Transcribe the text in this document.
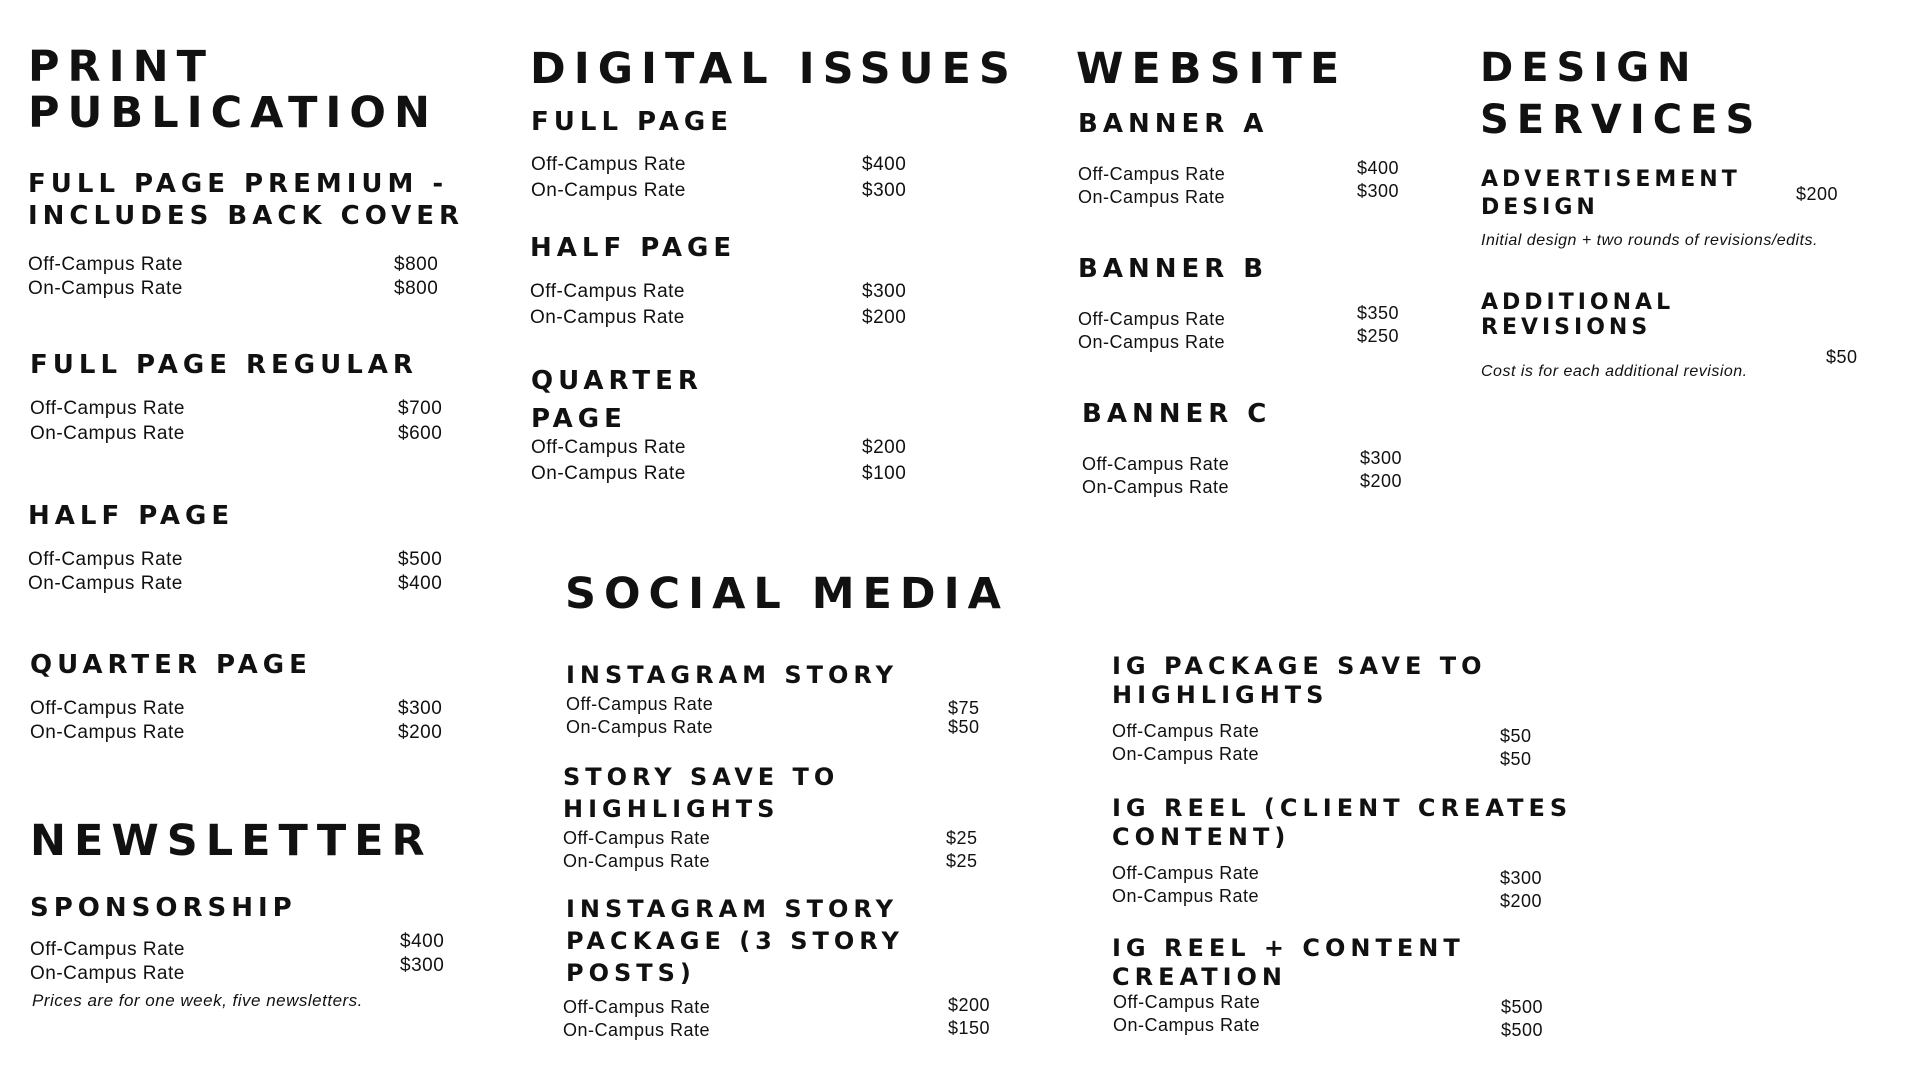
PRINT PUBLICATION
FULL PAGE PREMIUM - INCLUDES BACK COVER
Off-Campus Rate	$800
On-Campus Rate	$800
FULL PAGE REGULAR
Off-Campus Rate	$700
On-Campus Rate	$600
HALF PAGE
Off-Campus Rate	$500
On-Campus Rate	$400
QUARTER PAGE
Off-Campus Rate	$300
On-Campus Rate	$200
NEWSLETTER
SPONSORSHIP
Off-Campus Rate	$400
On-Campus Rate	$300
Prices are for one week, five newsletters.
DIGITAL ISSUES
FULL PAGE
Off-Campus Rate	$400
On-Campus Rate	$300
HALF PAGE
Off-Campus Rate	$300
On-Campus Rate	$200
QUARTER PAGE
Off-Campus Rate	$200
On-Campus Rate	$100
WEBSITE
BANNER A
Off-Campus Rate	$400
On-Campus Rate	$300
BANNER B
Off-Campus Rate	$350
On-Campus Rate	$250
BANNER C
Off-Campus Rate	$300
On-Campus Rate	$200
DESIGN SERVICES
ADVERTISEMENT DESIGN
$200
Initial design + two rounds of revisions/edits.
ADDITIONAL REVISIONS
$50
Cost is for each additional revision.
SOCIAL MEDIA
INSTAGRAM STORY
Off-Campus Rate	$75
On-Campus Rate	$50
STORY SAVE TO HIGHLIGHTS
Off-Campus Rate	$25
On-Campus Rate	$25
INSTAGRAM STORY PACKAGE (3 STORY POSTS)
Off-Campus Rate	$200
On-Campus Rate	$150
IG PACKAGE SAVE TO HIGHLIGHTS
Off-Campus Rate	$50
On-Campus Rate	$50
IG REEL (CLIENT CREATES CONTENT)
Off-Campus Rate	$300
On-Campus Rate	$200
IG REEL + CONTENT CREATION
Off-Campus Rate	$500
On-Campus Rate	$500
